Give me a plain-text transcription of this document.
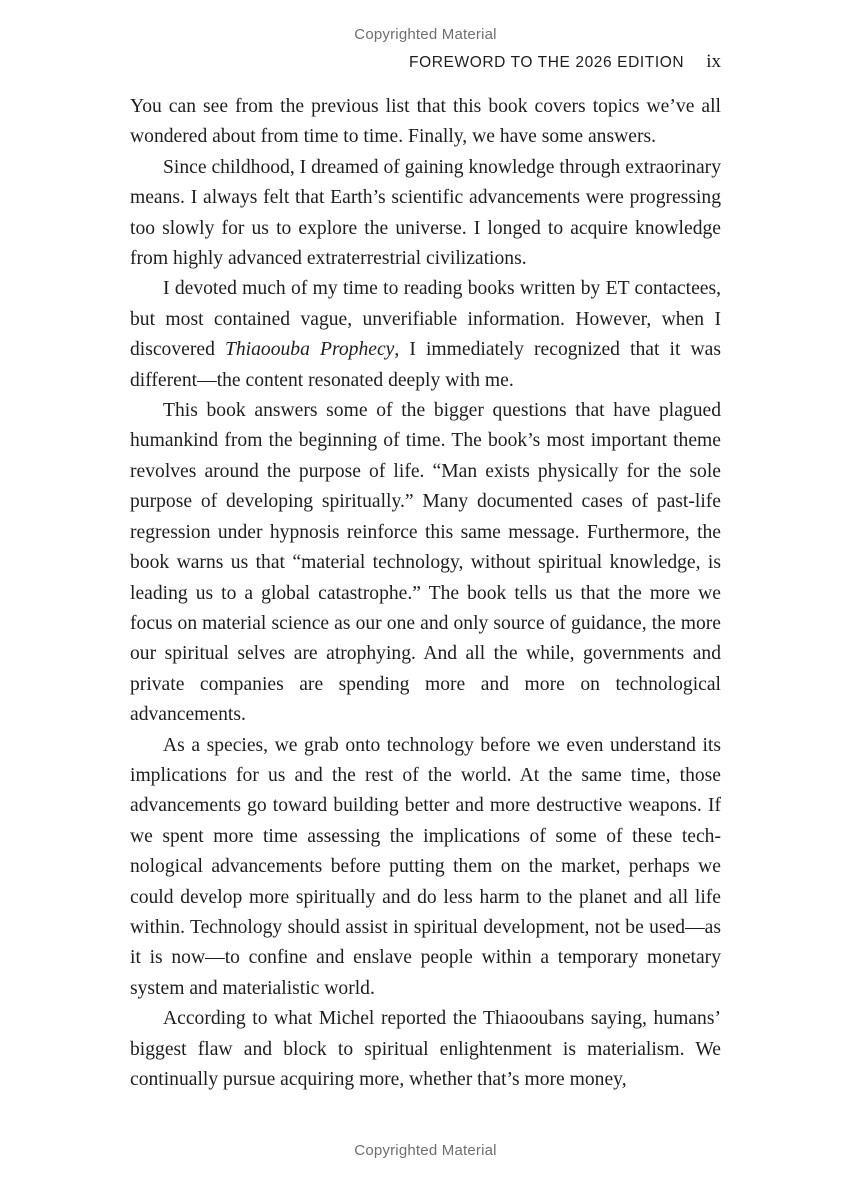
Copyrighted Material
FOREWORD TO THE 2026 EDITION ix

You can see from the previous list that this book covers topics we’ve all wondered about from time to time. Finally, we have some answers.

Since childhood, I dreamed of gaining knowledge through extraorinary means. I always felt that Earth’s scientific advancements were progressing too slowly for us to explore the universe. I longed to acquire knowledge from highly advanced extraterrestrial civilizations.

I devoted much of my time to reading books written by ET contactees, but most contained vague, unverifiable information. However, when I discovered Thiaoouba Prophecy, I immediately recognized that it was different—the content resonated deeply with me.

This book answers some of the bigger questions that have plagued humankind from the beginning of time. The book’s most important theme revolves around the purpose of life. “Man exists physically for the sole purpose of developing spiritually.” Many documented cases of past-life regression under hypnosis reinforce this same message. Furthermore, the book warns us that “material technology, without spiritual knowledge, is leading us to a global catastrophe.” The book tells us that the more we focus on material science as our one and only source of guidance, the more our spiritual selves are atrophying. And all the while, governments and private companies are spending more and more on technological advancements.

As a species, we grab onto technology before we even understand its implications for us and the rest of the world. At the same time, those advancements go toward building better and more destructive weapons. If we spent more time assessing the implications of some of these technological advancements before putting them on the market, perhaps we could develop more spiritually and do less harm to the planet and all life within. Technology should assist in spiritual development, not be used—as it is now—to confine and enslave people within a temporary monetary system and materialistic world.

According to what Michel reported the Thiaooubans saying, humans’ biggest flaw and block to spiritual enlightenment is materialism. We continually pursue acquiring more, whether that’s more money,

Copyrighted Material
